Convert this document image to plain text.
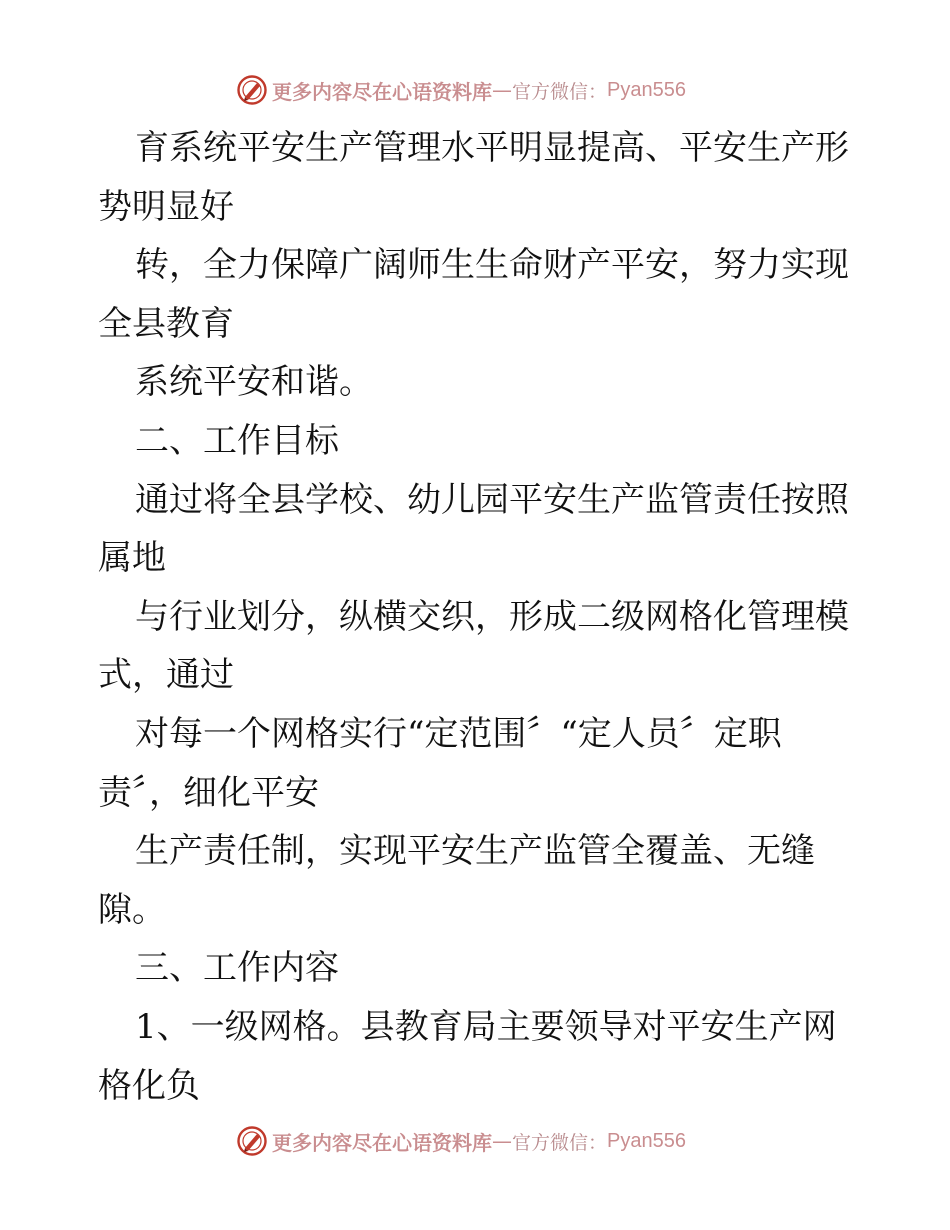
更多内容尽在心语资料库 — 官方微信： Pyan556
育系统平安生产管理水平明显提高、平安生产形
势明显好
转，全力保障广阔师生生命财产平安，努力实现
全县教育
系统平安和谐。
二、工作目标
通过将全县学校、幼儿园平安生产监管责任按照
属地
与行业划分，纵横交织，形成二级网格化管理模
式，通过
对每一个网格实行“定范围〞“定人员〞定职
责〞，细化平安
生产责任制，实现平安生产监管全覆盖、无缝
隙。
三、工作内容
1、一级网格。县教育局主要领导对平安生产网
格化负
更多内容尽在心语资料库 — 官方微信： Pyan556
